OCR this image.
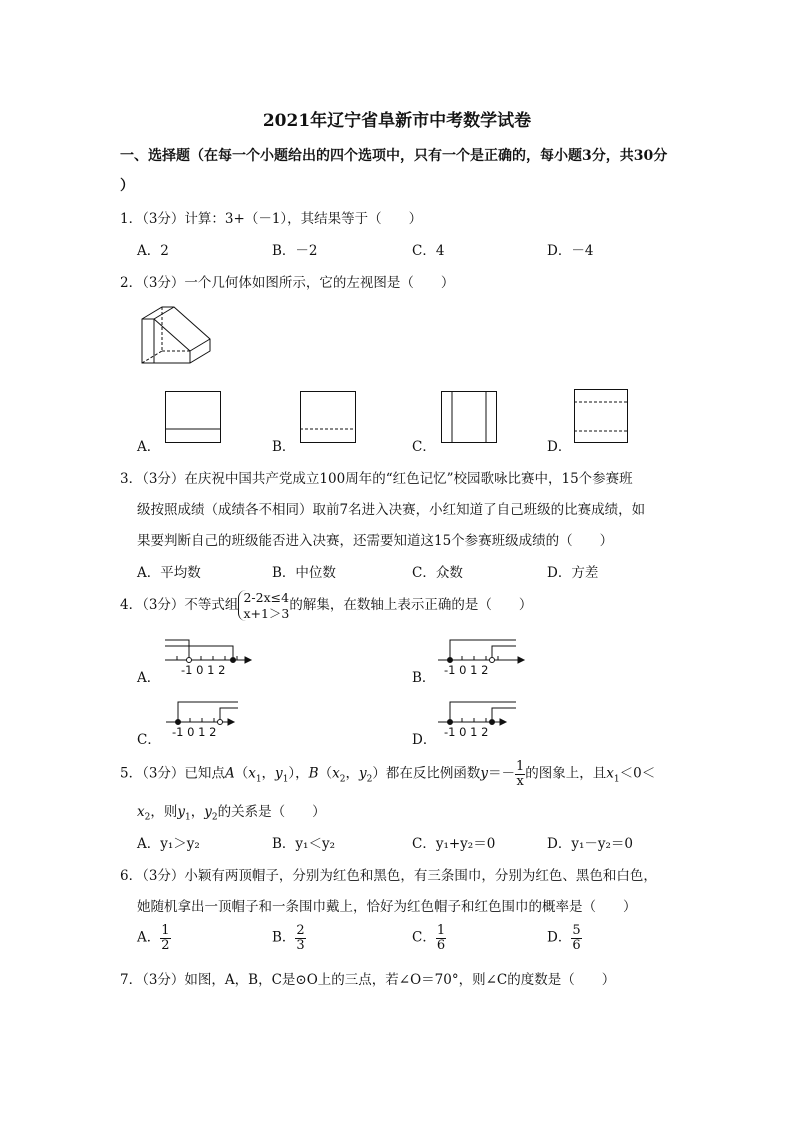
2021年辽宁省阜新市中考数学试卷
一、选择题（在每一个小题给出的四个选项中，只有一个是正确的，每小题3分，共30分
）
1．（3分）计算：3+（－1），其结果等于（　　）
A．2	B．－2	C．4	D．－4
2．（3分）一个几何体如图所示，它的左视图是（　　）
A．	B．	C．	D．
3．（3分）在庆祝中国共产党成立100周年的“红色记忆”校园歌咏比赛中，15个参赛班
级按照成绩（成绩各不相同）取前7名进入决赛，小红知道了自己班级的比赛成绩，如
果要判断自己的班级能否进入决赛，还需要知道这15个参赛班级成绩的（　　）
A．平均数	B．中位数	C．众数	D．方差
4．（3分）不等式组 2-2x≤4
x+1＞3 的解集，在数轴上表示正确的是（　　）
A． -1 0 1 2	B． -1 0 1 2
C． -1 0 1 2	D． -1 0 1 2
5．（3分）已知点$A(x_1$，$y_1$），$B(x_2$，$y_2$）都在反比例函数$y=- \frac{1}{x}$ 的图象上，且$x_1<0<$
$x_2$，则$y_1$，$y_2$的关系是（　　）
A．y₁＞y₂	B．y₁＜y₂	C．y₁+y₂＝0	D．y₁－y₂＝0
6．（3分）小颖有两顶帽子，分别为红色和黑色，有三条围巾，分别为红色、黑色和白色，
她随机拿出一顶帽子和一条围巾戴上，恰好为红色帽子和红色围巾的概率是（　　）
A． $\frac{1}{2}$	B． $\frac{2}{3}$	C． $\frac{1}{6}$	D． $\frac{5}{6}$
7．（3分）如图，A，B，C是⊙O上的三点，若∠O＝70°，则∠C的度数是（　　）
